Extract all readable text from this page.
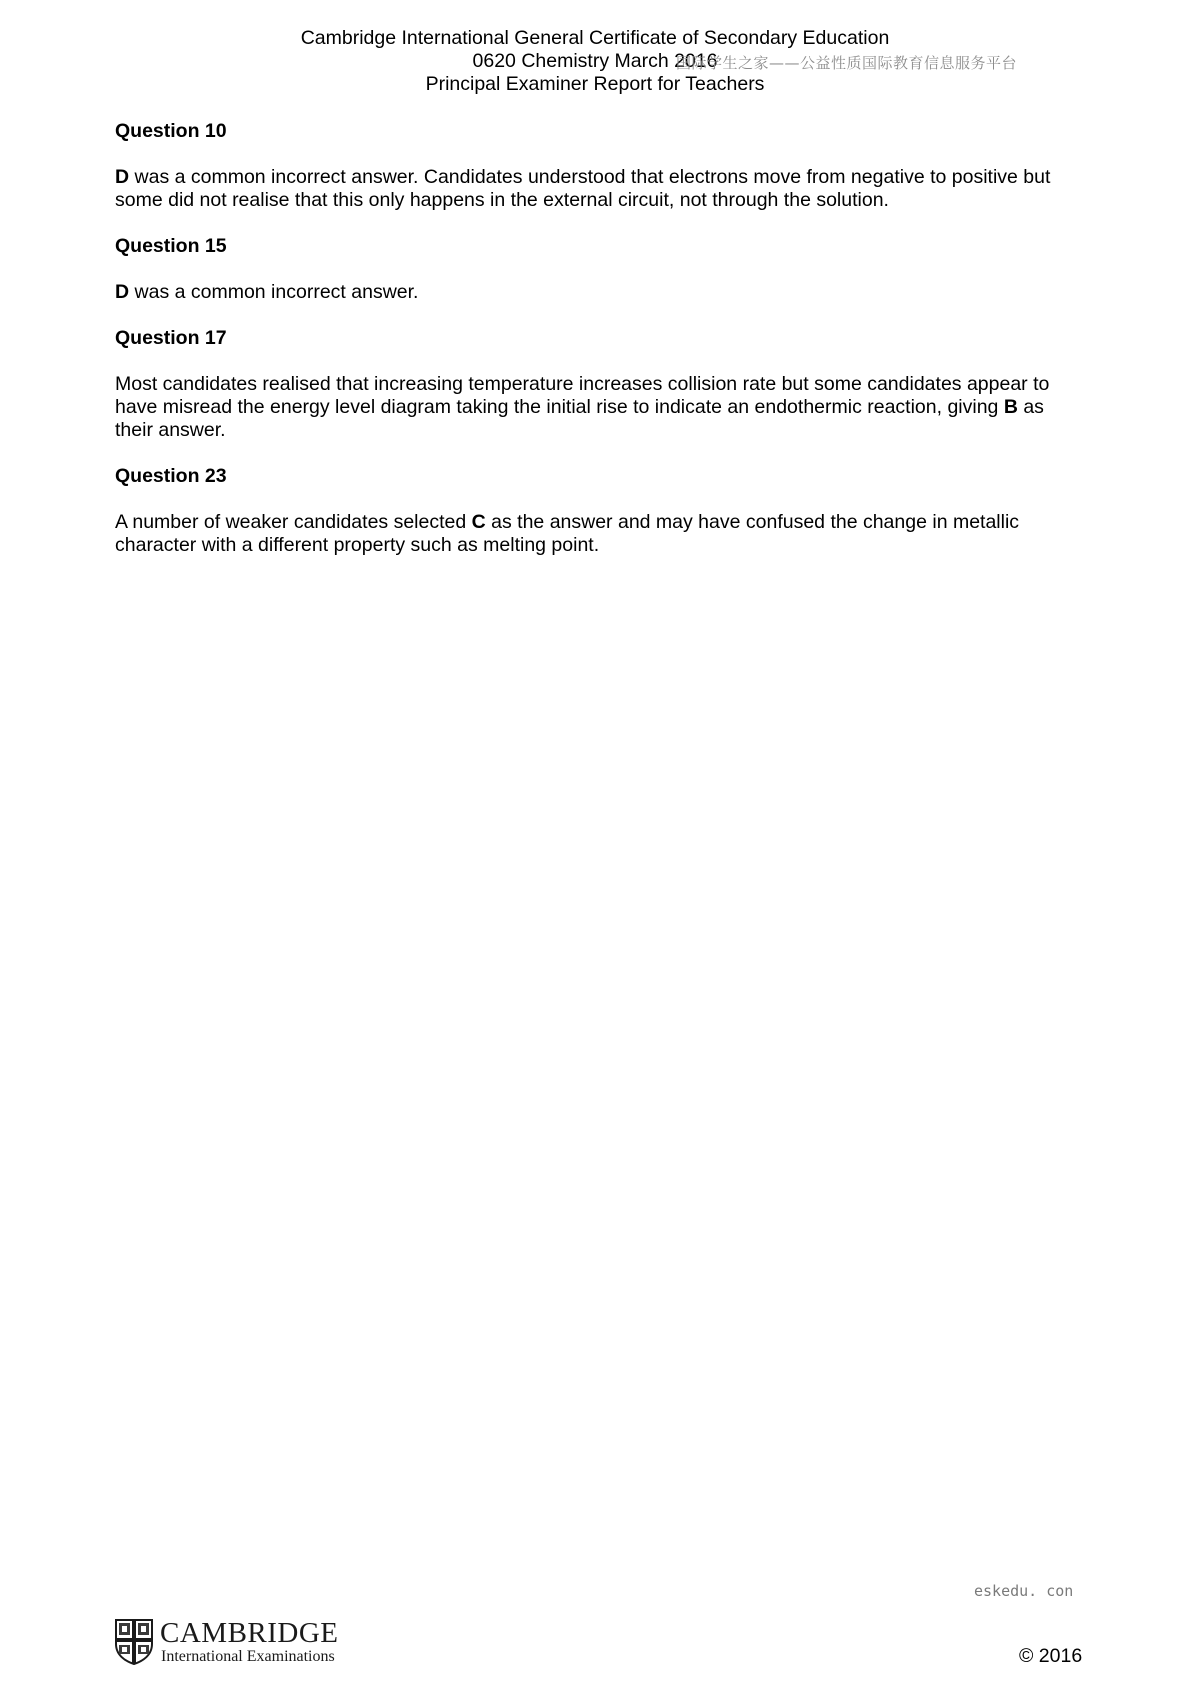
Cambridge International General Certificate of Secondary Education
0620 Chemistry March 2016
Principal Examiner Report for Teachers
国际学生之家——公益性质国际教育信息服务平台

Question 10

D was a common incorrect answer. Candidates understood that electrons move from negative to positive but some did not realise that this only happens in the external circuit, not through the solution.

Question 15

D was a common incorrect answer.

Question 17

Most candidates realised that increasing temperature increases collision rate but some candidates appear to have misread the energy level diagram taking the initial rise to indicate an endothermic reaction, giving B as their answer.

Question 23

A number of weaker candidates selected C as the answer and may have confused the change in metallic character with a different property such as melting point.

eskedu. con
CAMBRIDGE
International Examinations	© 2016
